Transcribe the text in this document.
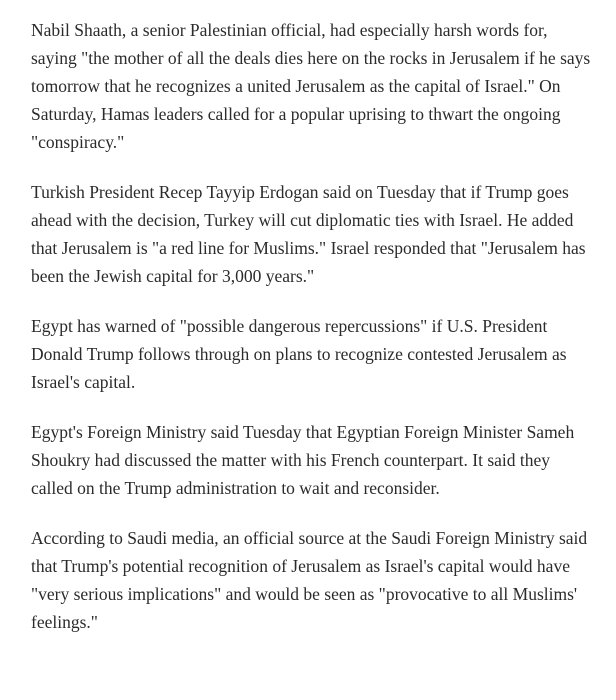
Nabil Shaath, a senior Palestinian official, had especially harsh words for, saying "the mother of all the deals dies here on the rocks in Jerusalem if he says tomorrow that he recognizes a united Jerusalem as the capital of Israel." On Saturday, Hamas leaders called for a popular uprising to thwart the ongoing "conspiracy."

Turkish President Recep Tayyip Erdogan said on Tuesday that if Trump goes ahead with the decision, Turkey will cut diplomatic ties with Israel. He added that Jerusalem is "a red line for Muslims." Israel responded that "Jerusalem has been the Jewish capital for 3,000 years."

Egypt has warned of "possible dangerous repercussions" if U.S. President Donald Trump follows through on plans to recognize contested Jerusalem as Israel's capital.

Egypt's Foreign Ministry said Tuesday that Egyptian Foreign Minister Sameh Shoukry had discussed the matter with his French counterpart. It said they called on the Trump administration to wait and reconsider.

According to Saudi media, an official source at the Saudi Foreign Ministry said that Trump's potential recognition of Jerusalem as Israel's capital would have "very serious implications" and would be seen as "provocative to all Muslims' feelings."
